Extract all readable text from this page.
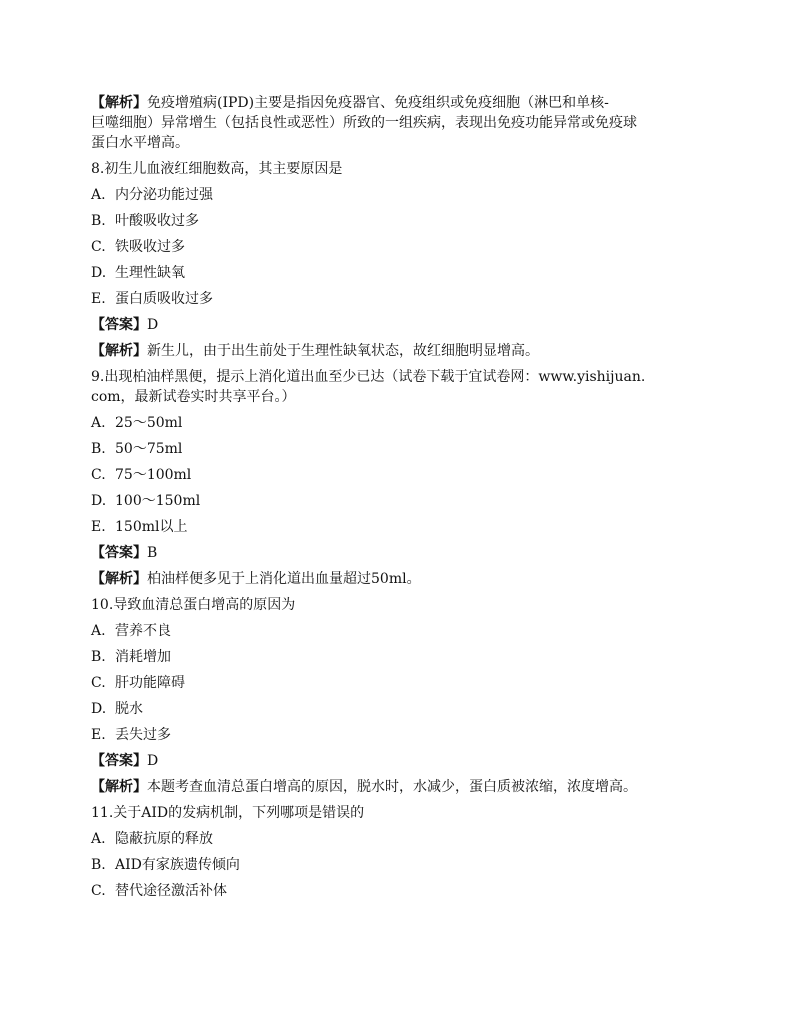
【解析】免疫增殖病(IPD)主要是指因免疫器官、免疫组织或免疫细胞（淋巴和单核-
巨噬细胞）异常增生（包括良性或恶性）所致的一组疾病，表现出免疫功能异常或免疫球
蛋白水平增高。
8.初生儿血液红细胞数高，其主要原因是
A. 内分泌功能过强
B. 叶酸吸收过多
C. 铁吸收过多
D. 生理性缺氧
E. 蛋白质吸收过多
【答案】D
【解析】新生儿，由于出生前处于生理性缺氧状态，故红细胞明显增高。
9.出现柏油样黑便，提示上消化道出血至少已达（试卷下载于宜试卷网：www.yishijuan.
com，最新试卷实时共享平台。）
A. 25～50ml
B. 50～75ml
C. 75～100ml
D. 100～150ml
E. 150ml以上
【答案】B
【解析】柏油样便多见于上消化道出血量超过50ml。
10.导致血清总蛋白增高的原因为
A. 营养不良
B. 消耗增加
C. 肝功能障碍
D. 脱水
E. 丢失过多
【答案】D
【解析】本题考查血清总蛋白增高的原因，脱水时，水减少，蛋白质被浓缩，浓度增高。
11.关于AID的发病机制，下列哪项是错误的
A. 隐蔽抗原的释放
B. AID有家族遗传倾向
C. 替代途径激活补体
